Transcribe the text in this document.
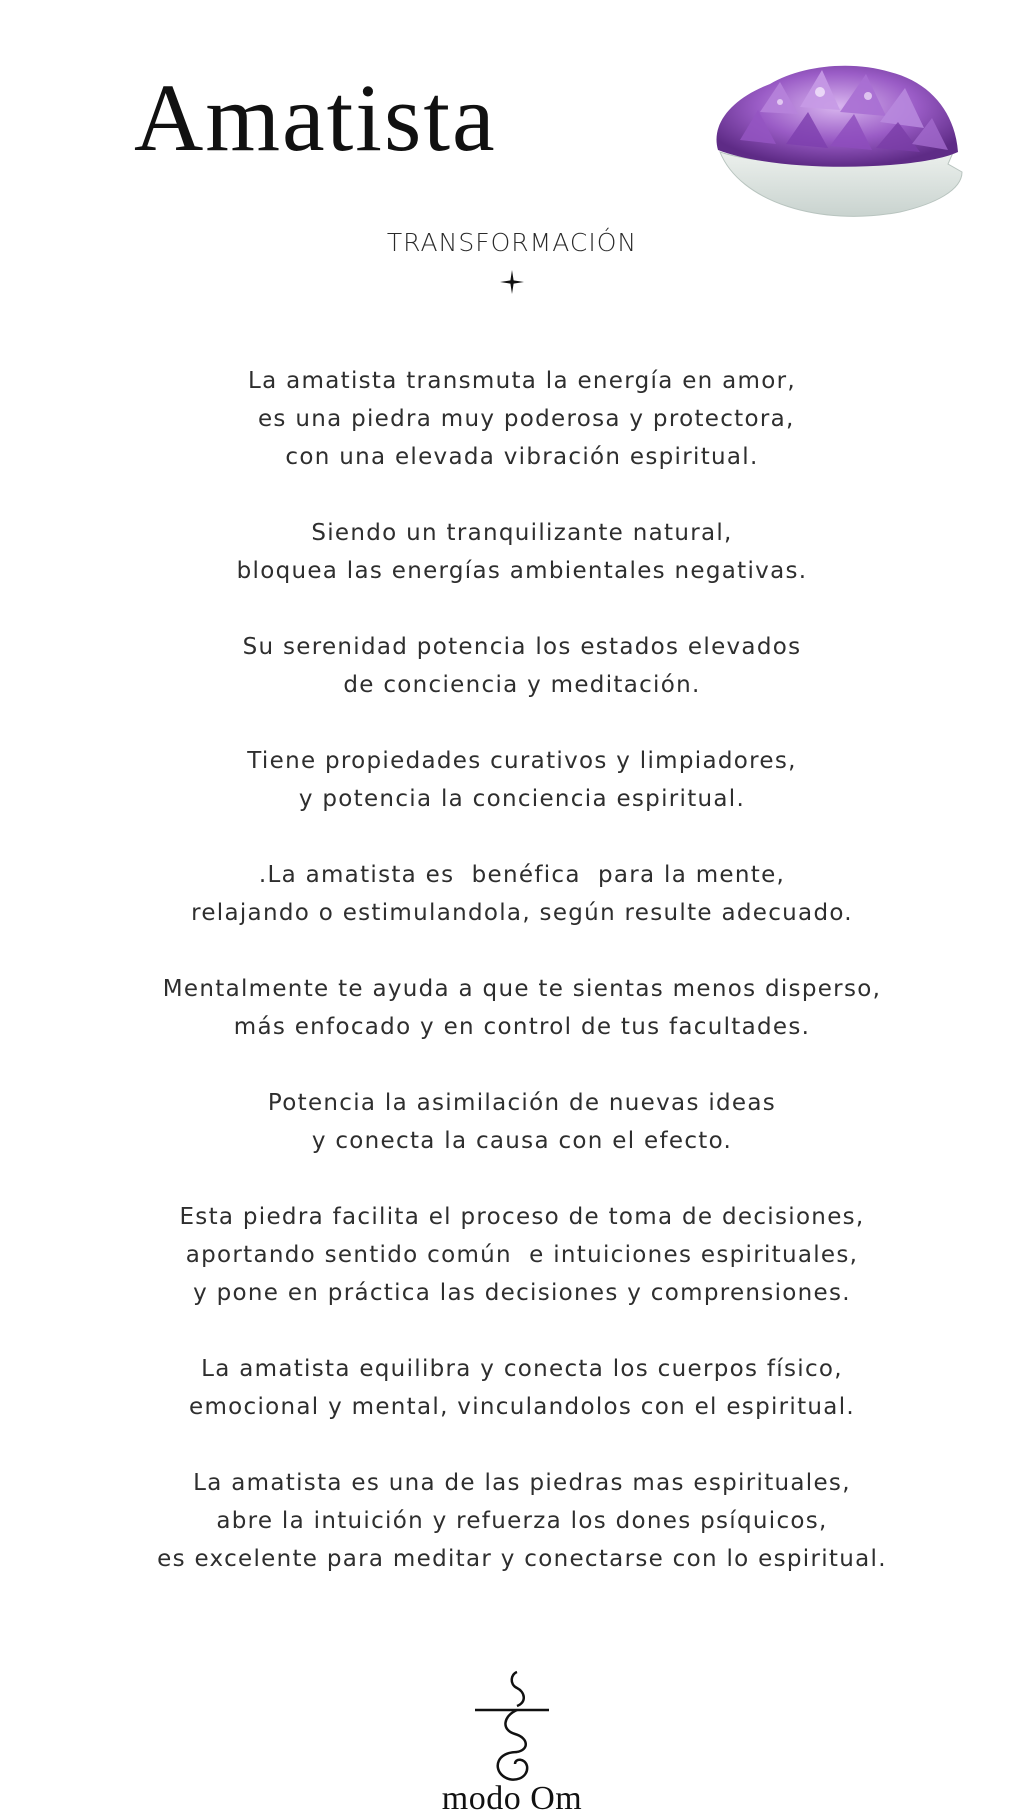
Amatista
TRANSFORMACIÓN

La amatista transmuta la energía en amor,
es una piedra muy poderosa y protectora,
con una elevada vibración espiritual.

Siendo un tranquilizante natural,
bloquea las energías ambientales negativas.

Su serenidad potencia los estados elevados
de conciencia y meditación.

Tiene propiedades curativos y limpiadores,
y potencia la conciencia espiritual.

.La amatista es  benéfica  para la mente,
relajando o estimulandola, según resulte adecuado.

Mentalmente te ayuda a que te sientas menos disperso,
más enfocado y en control de tus facultades.

Potencia la asimilación de nuevas ideas
y conecta la causa con el efecto.

Esta piedra facilita el proceso de toma de decisiones,
aportando sentido común  e intuiciones espirituales,
y pone en práctica las decisiones y comprensiones.

La amatista equilibra y conecta los cuerpos físico,
emocional y mental, vinculandolos con el espiritual.

La amatista es una de las piedras mas espirituales,
abre la intuición y refuerza los dones psíquicos,
es excelente para meditar y conectarse con lo espiritual.

modo Om
